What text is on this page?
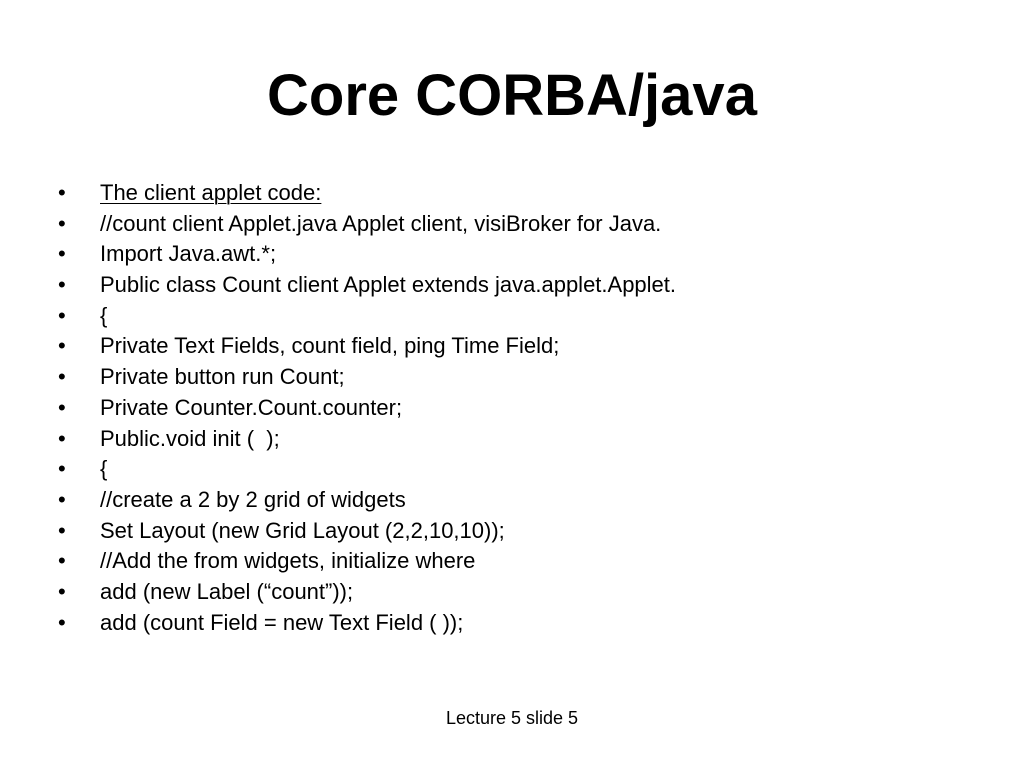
Core CORBA/java

•

	The client applet code:

•

	//count client Applet.java Applet client, visiBroker for Java.

•

	Import Java.awt.*;

•

	Public class Count client Applet extends java.applet.Applet.

•

	{

•

	Private Text Fields, count field, ping Time Field;

•

	Private button run Count;

•

	Private Counter.Count.counter;

•

	Public.void init (  );

•

	{

•

	//create a 2 by 2 grid of widgets

•

	Set Layout (new Grid Layout (2,2,10,10));

•

	//Add the from widgets, initialize where

•

	add (new Label (“count”));

•

	add (count Field = new Text Field ( ));

Lecture 5 slide 5
